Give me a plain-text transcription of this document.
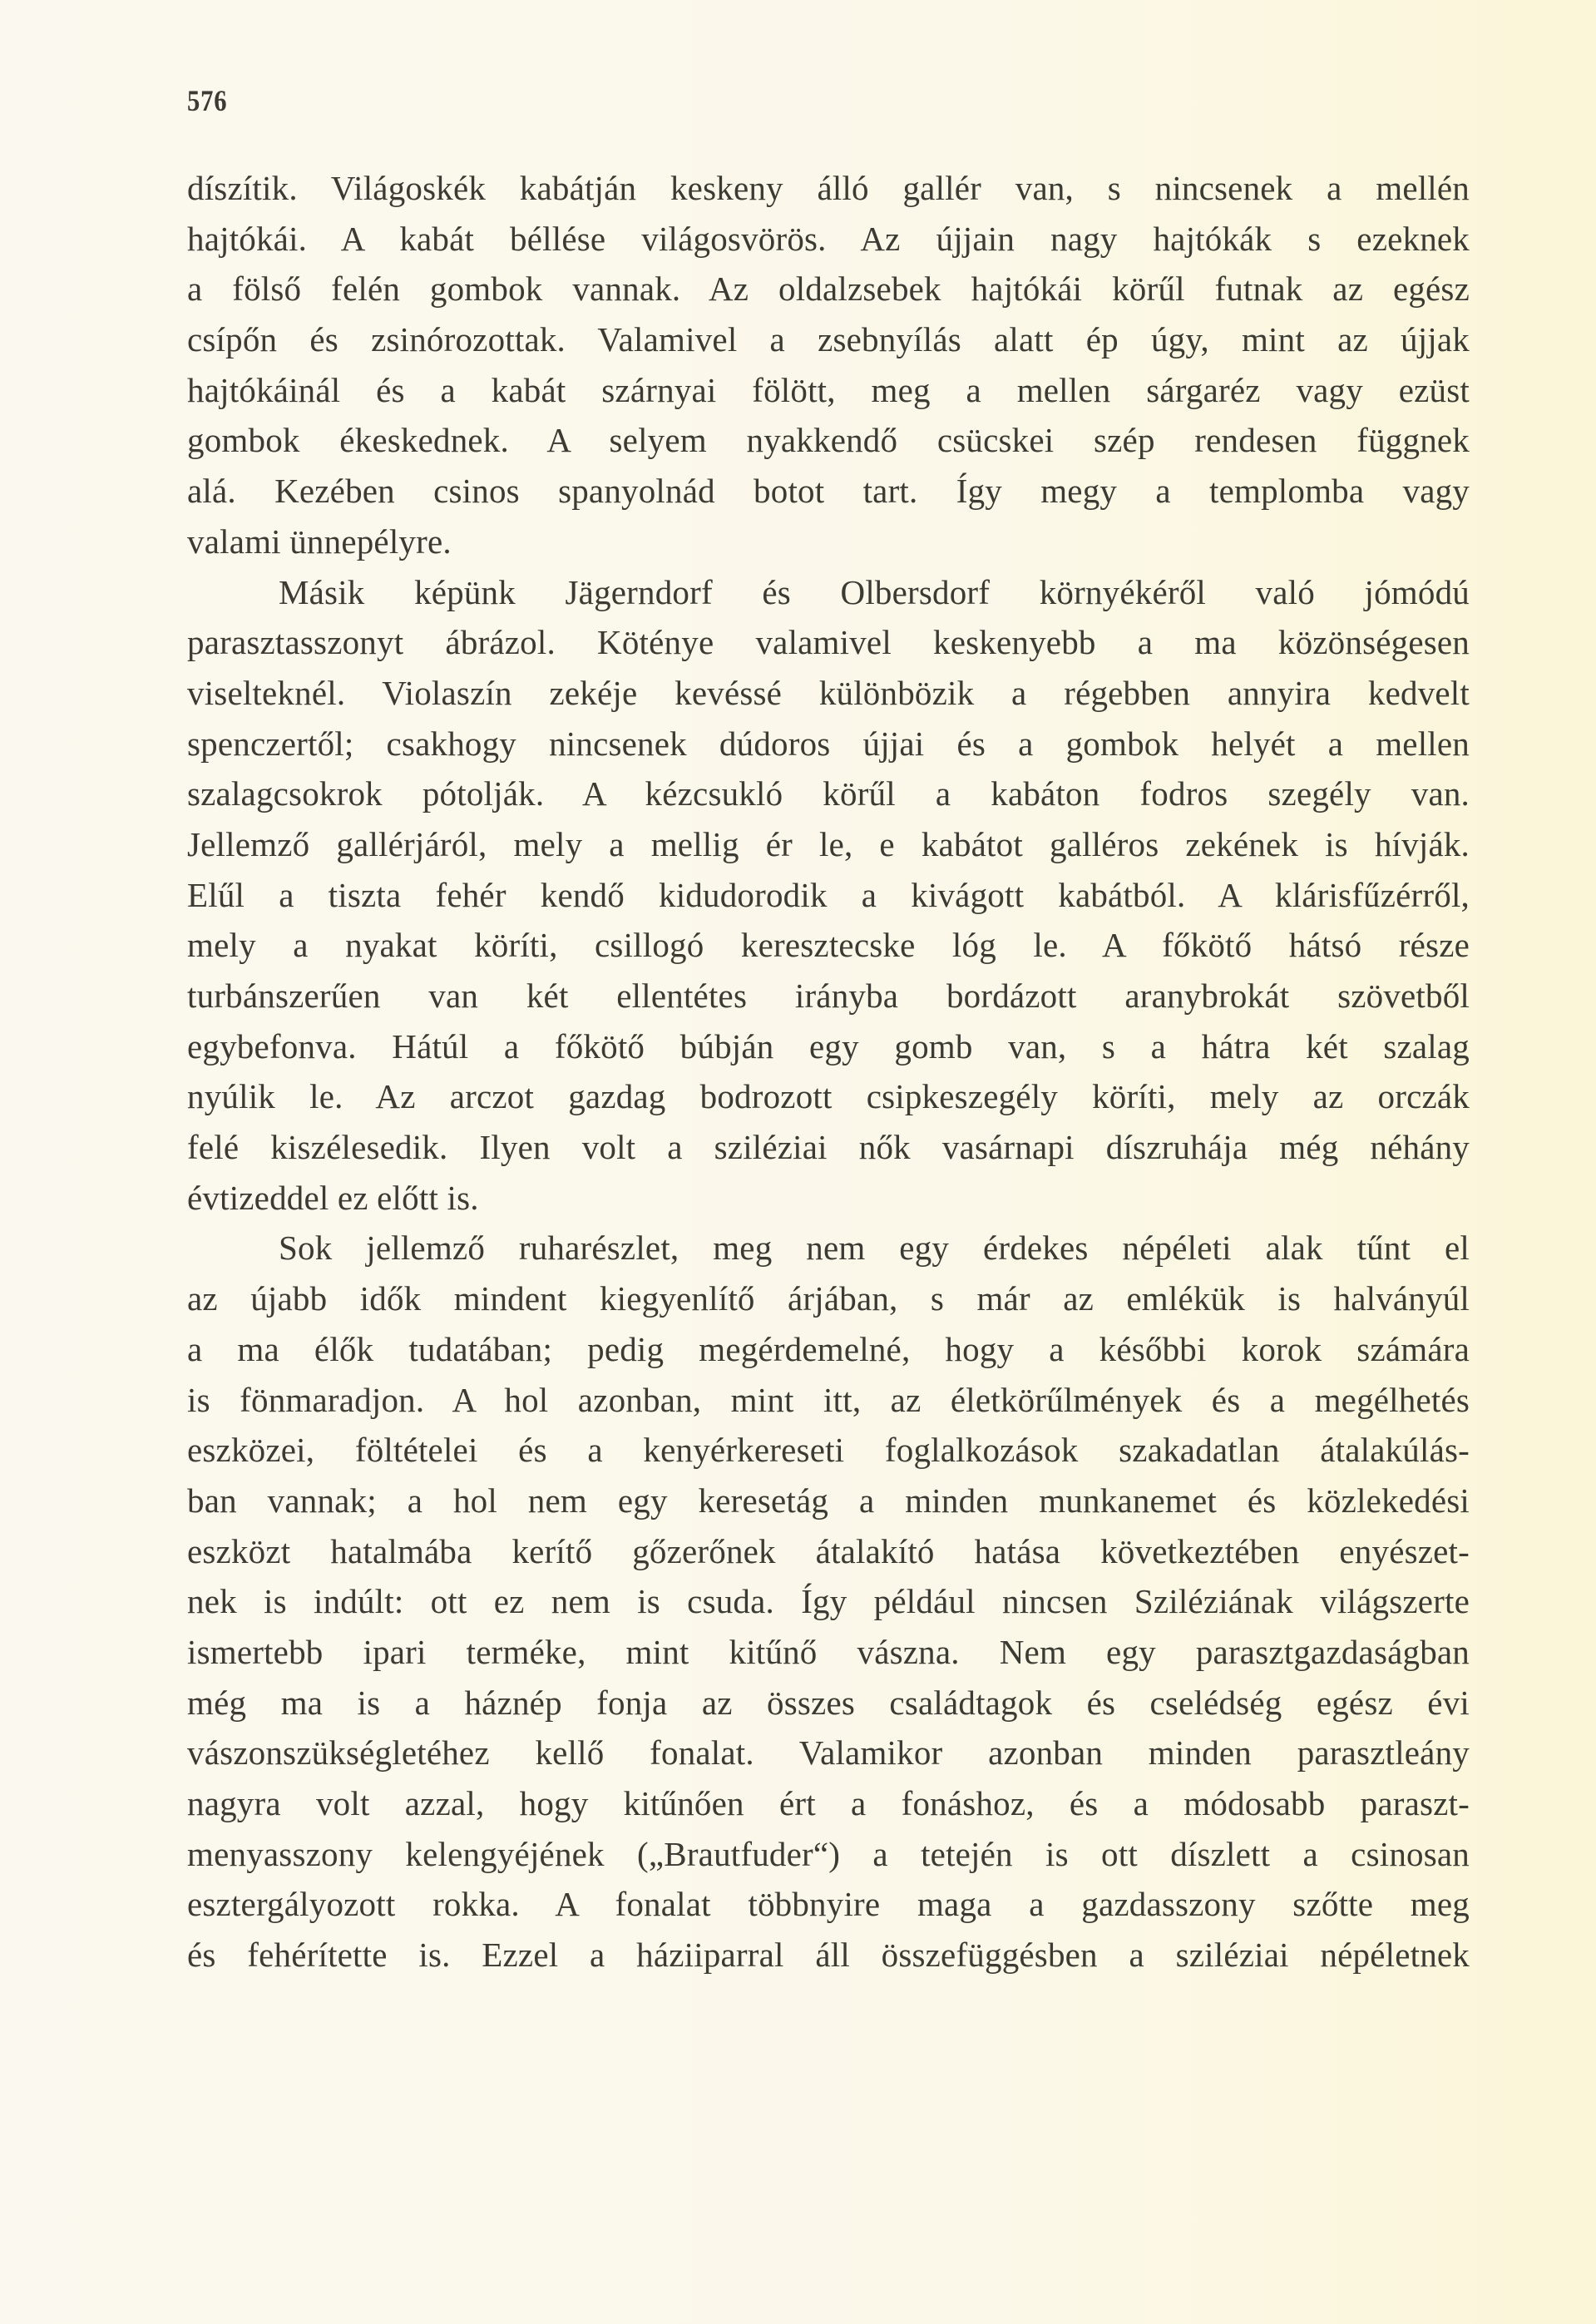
576
díszítik. Világoskék kabátján keskeny álló gallér van, s nincsenek a mellén
hajtókái. A kabát béllése világosvörös. Az újjain nagy hajtókák s ezeknek
a fölső felén gombok vannak. Az oldalzsebek hajtókái körűl futnak az egész
csípőn és zsinórozottak. Valamivel a zsebnyílás alatt ép úgy, mint az újjak
hajtókáinál és a kabát szárnyai fölött, meg a mellen sárgaréz vagy ezüst
gombok ékeskednek. A selyem nyakkendő csücskei szép rendesen függnek
alá. Kezében csinos spanyolnád botot tart. Így megy a templomba vagy
valami ünnepélyre.
Másik képünk Jägerndorf és Olbersdorf környékéről való jómódú
parasztasszonyt ábrázol. Köténye valamivel keskenyebb a ma közönségesen
viselteknél. Violaszín zekéje kevéssé különbözik a régebben annyira kedvelt
spenczertől; csakhogy nincsenek dúdoros újjai és a gombok helyét a mellen
szalagcsokrok pótolják. A kézcsukló körűl a kabáton fodros szegély van.
Jellemző gallérjáról, mely a mellig ér le, e kabátot galléros zekének is hívják.
Elűl a tiszta fehér kendő kidudorodik a kivágott kabátból. A klárisfűzérről,
mely a nyakat köríti, csillogó keresztecske lóg le. A főkötő hátsó része
turbánszerűen van két ellentétes irányba bordázott aranybrokát szövetből
egybefonva. Hátúl a főkötő búbján egy gomb van, s a hátra két szalag
nyúlik le. Az arczot gazdag bodrozott csipkeszegély köríti, mely az orczák
felé kiszélesedik. Ilyen volt a sziléziai nők vasárnapi díszruhája még néhány
évtizeddel ez előtt is.
Sok jellemző ruharészlet, meg nem egy érdekes népéleti alak tűnt el
az újabb idők mindent kiegyenlítő árjában, s már az emlékük is halványúl
a ma élők tudatában; pedig megérdemelné, hogy a későbbi korok számára
is fönmaradjon. A hol azonban, mint itt, az életkörűlmények és a megélhetés
eszközei, föltételei és a kenyérkereseti foglalkozások szakadatlan átalakúlás-
ban vannak; a hol nem egy keresetág a minden munkanemet és közlekedési
eszközt hatalmába kerítő gőzerőnek átalakító hatása következtében enyészet-
nek is indúlt: ott ez nem is csuda. Így például nincsen Sziléziának világszerte
ismertebb ipari terméke, mint kitűnő vászna. Nem egy parasztgazdaságban
még ma is a háznép fonja az összes családtagok és cselédség egész évi
vászonszükségletéhez kellő fonalat. Valamikor azonban minden parasztleány
nagyra volt azzal, hogy kitűnően ért a fonáshoz, és a módosabb paraszt-
menyasszony kelengyéjének („Brautfuder“) a tetején is ott díszlett a csinosan
esztergályozott rokka. A fonalat többnyire maga a gazdasszony szőtte meg
és fehérítette is. Ezzel a háziiparral áll összefüggésben a sziléziai népéletnek
